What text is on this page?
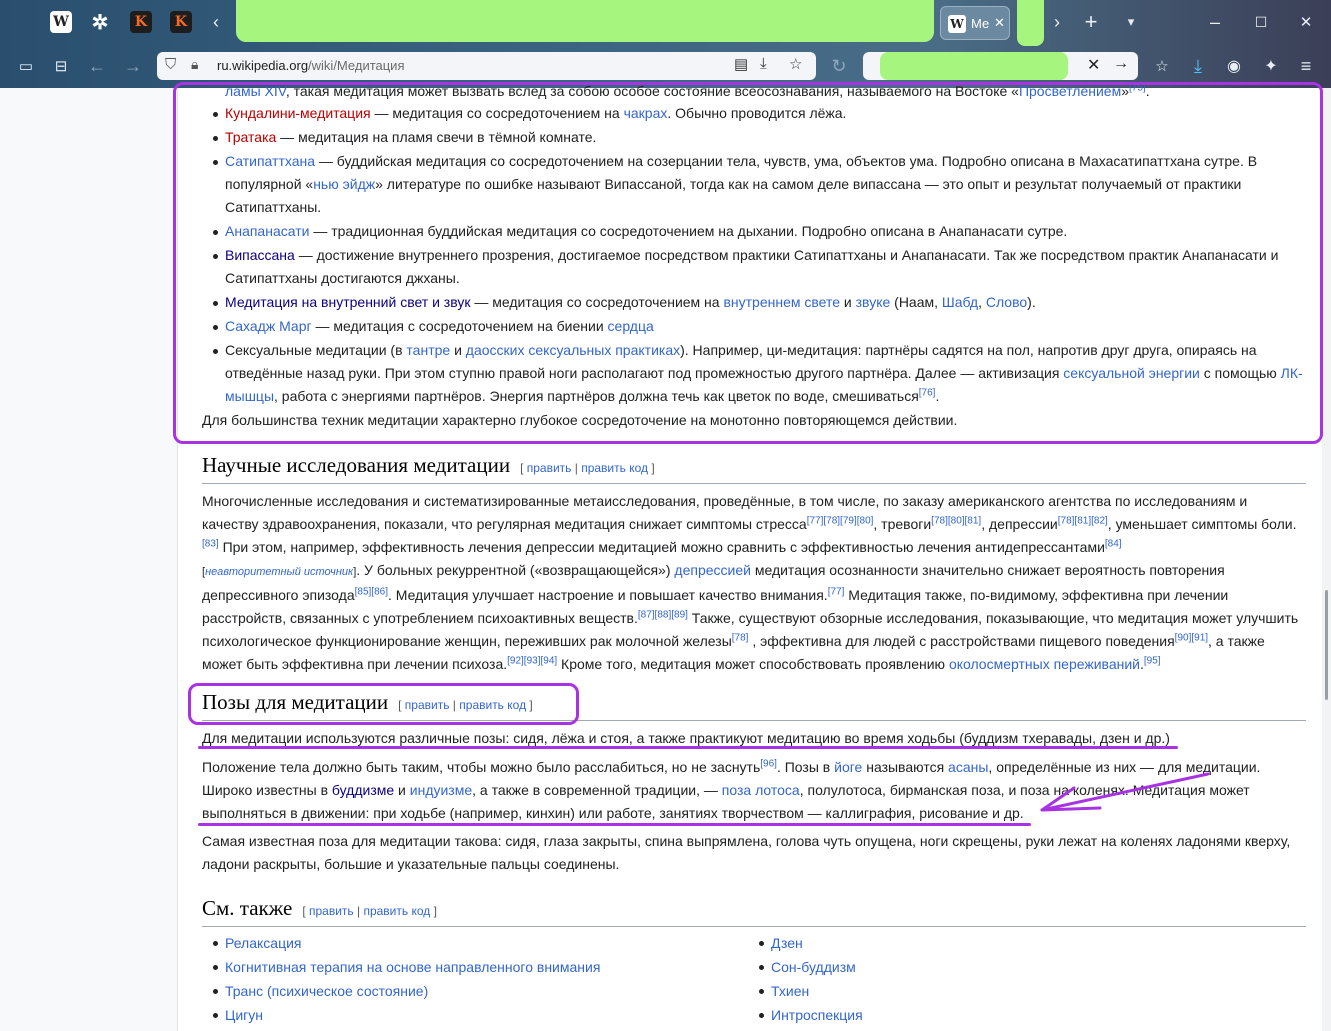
W ✲	K	K	‹	W Ме ✕	›	+	▾	–	☐	✕
▭	⊟	← → ⛉ 🔒︎ ru.wikipedia.org/wiki/Медитация	▤ ⤓ ☆	↻	✕ →	☆	⤓	◉	✦	≡
ламы XIV, такая медитация может вызвать вслед за собою особое состояние всеосознавания, называемого на Востоке «Просветлением»[75].
Кундалини-медитация — медитация со сосредоточением на чакрах. Обычно проводится лёжа.
Тратака — медитация на пламя свечи в тёмной комнате.
Сатипаттхана — буддийская медитация со сосредоточением на созерцании тела, чувств, ума, объектов ума. Подробно описана в Махасатипаттхана сутре. В популярной «нью эйдж» литературе по ошибке называют Випассаной, тогда как на самом деле випассана — это опыт и результат получаемый от практики Сатипаттханы.
Анапанасати — традиционная буддийская медитация со сосредоточением на дыхании. Подробно описана в Анапанасати сутре.
Випассана — достижение внутреннего прозрения, достигаемое посредством практики Сатипаттханы и Анапанасати. Так же посредством практик Анапанасати и Сатипаттханы достигаются джханы.
Медитация на внутренний свет и звук — медитация со сосредоточением на внутреннем свете и звуке (Наам, Шабд, Слово).
Сахадж Марг — медитация с сосредоточением на биении сердца
Сексуальные медитации (в тантре и даосских сексуальных практиках). Например, ци-медитация: партнёры садятся на пол, напротив друг друга, опираясь на отведённые назад руки. При этом ступню правой ноги располагают под промежностью другого партнёра. Далее — активизация сексуальной энергии с помощью ЛК-мышцы, работа с энергиями партнёров. Энергия партнёров должна течь как цветок по воде, смешиваться[76].

Для большинства техник медитации характерно глубокое сосредоточение на монотонно повторяющемся действии.

Научные исследования медитации [ править | править код ]

Многочисленные исследования и систематизированные метаисследования, проведённые, в том числе, по заказу американского агентства по исследованиям и качеству здравоохранения, показали, что регулярная медитация снижает симптомы стресса[77][78][79][80], тревоги[78][80][81], депрессии[78][81][82], уменьшает симптомы боли.[83] При этом, например, эффективность лечения депрессии медитацией можно сравнить с эффективностью лечения антидепрессантами[84]
[неавторитетный источник]. У больных рекуррентной («возвращающейся») депрессией медитация осознанности значительно снижает вероятность повторения депрессивного эпизода[85][86]. Медитация улучшает настроение и повышает качество внимания.[77] Медитация также, по-видимому, эффективна при лечении расстройств, связанных с употреблением психоактивных веществ.[87][88][89] Также, существуют обзорные исследования, показывающие, что медитация может улучшить психологическое функционирование женщин, переживших рак молочной железы[78] , эффективна для людей с расстройствами пищевого поведения[90][91], а также может быть эффективна при лечении психоза.[92][93][94] Кроме того, медитация может способствовать проявлению околосмертных переживаний.[95]

Позы для медитации [ править | править код ]

Для медитации используются различные позы: сидя, лёжа и стоя, а также практикуют медитацию во время ходьбы (буддизм тхеравады, дзен и др.)

Положение тела должно быть таким, чтобы можно было расслабиться, но не заснуть[96]. Позы в йоге называются асаны, определённые из них — для медитации. Широко известны в буддизме и индуизме, а также в современной традиции, — поза лотоса, полулотоса, бирманская поза, и поза на коленях. Медитация может выполняться в движении: при ходьбе (например, кинхин) или работе, занятиях творчеством — каллиграфия, рисование и др.

Самая известная поза для медитации такова: сидя, глаза закрыты, спина выпрямлена, голова чуть опущена, ноги скрещены, руки лежат на коленях ладонями кверху, ладони раскрыты, большие и указательные пальцы соединены.

См. также [ править | править код ]
Релаксация
Когнитивная терапия на основе направленного внимания
Транс (психическое состояние)
Цигун
Дзен
Сон-буддизм
Тхиен
Интроспекция
